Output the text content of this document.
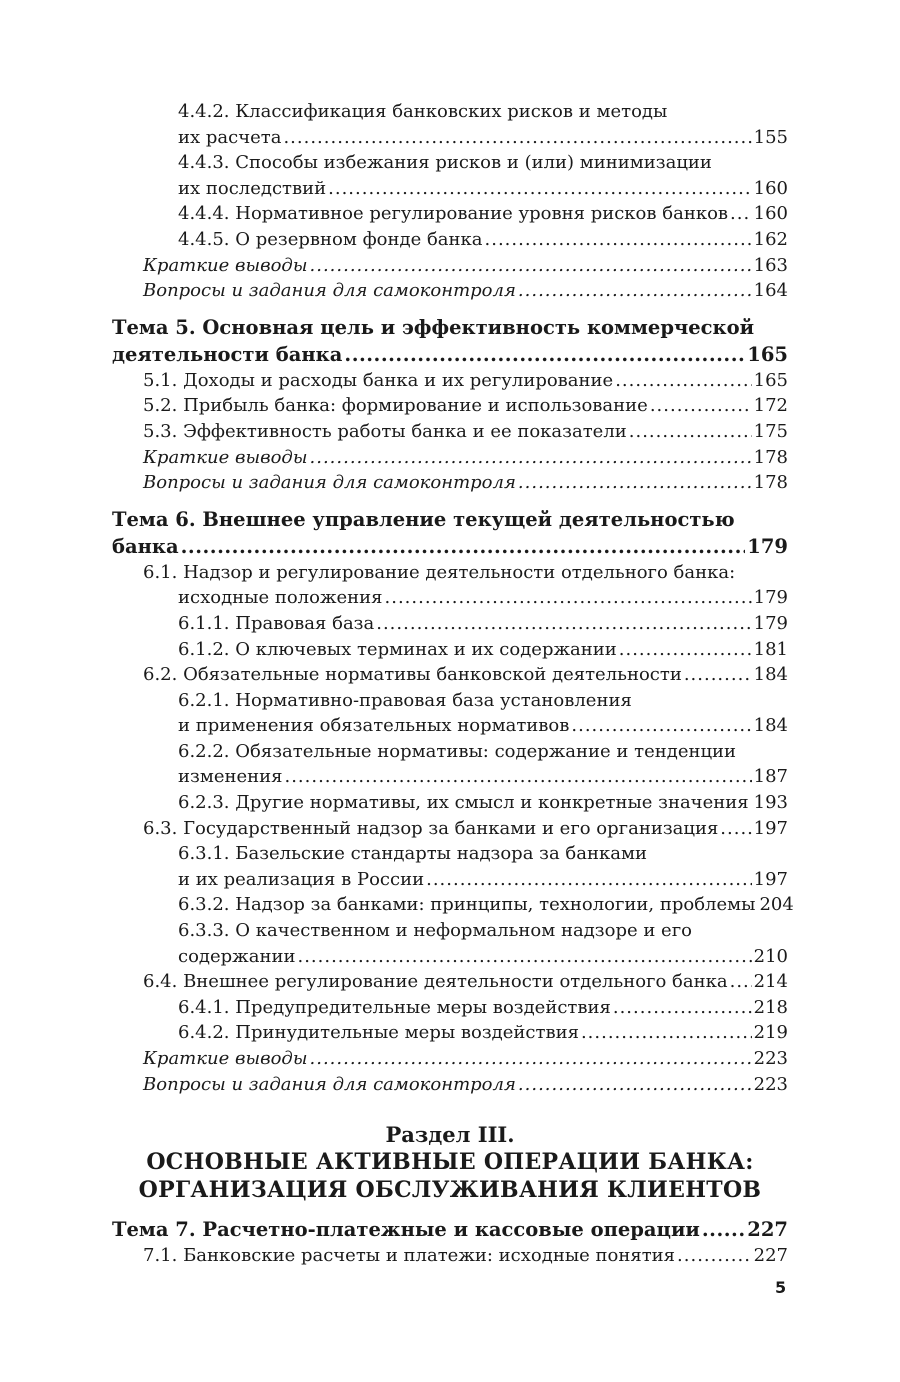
4.4.2. Классификация банковских рисков и методы
их расчета .....	155
4.4.3. Способы избежания рисков и (или) минимизации
их последствий .....	160
4.4.4. Нормативное регулирование уровня рисков банков ..... 160
4.4.5. О резервном фонде банка .....	162
Краткие выводы .....	163
Вопросы и задания для самоконтроля .....	164
Тема 5. Основная цель и эффективность коммерческой
деятельности банка .....	165
5.1. Доходы и расходы банка и их регулирование .....	165
5.2. Прибыль банка: формирование и использование .....	172
5.3. Эффективность работы банка и ее показатели .....	175
Краткие выводы .....	178
Вопросы и задания для самоконтроля .....	178
Тема 6. Внешнее управление текущей деятельностью
банка .....	179
6.1. Надзор и регулирование деятельности отдельного банка:
исходные положения .....	179
6.1.1. Правовая база .....	179
6.1.2. О ключевых терминах и их содержании .....	181
6.2. Обязательные нормативы банковской деятельности .....	184
6.2.1. Нормативно-правовая база установления
и применения обязательных нормативов .....	184
6.2.2. Обязательные нормативы: содержание и тенденции
изменения .....	187
6.2.3. Другие нормативы, их смысл и конкретные значения ..... 193
6.3. Государственный надзор за банками и его организация ..... 197
6.3.1. Базельские стандарты надзора за банками
и их реализация в России .....	197
6.3.2. Надзор за банками: принципы, технологии, проблемы 204
6.3.3. О качественном и неформальном надзоре и его
содержании .....	210
6.4. Внешнее регулирование деятельности отдельного банка ..... 214
6.4.1. Предупредительные меры воздействия .....	218
6.4.2. Принудительные меры воздействия .....	219
Краткие выводы .....	223
Вопросы и задания для самоконтроля .....	223
Раздел III.
ОСНОВНЫЕ АКТИВНЫЕ ОПЕРАЦИИ БАНКА:
ОРГАНИЗАЦИЯ ОБСЛУЖИВАНИЯ КЛИЕНТОВ
Тема 7. Расчетно-платежные и кассовые операции ..... 227
7.1. Банковские расчеты и платежи: исходные понятия .....	227
5
